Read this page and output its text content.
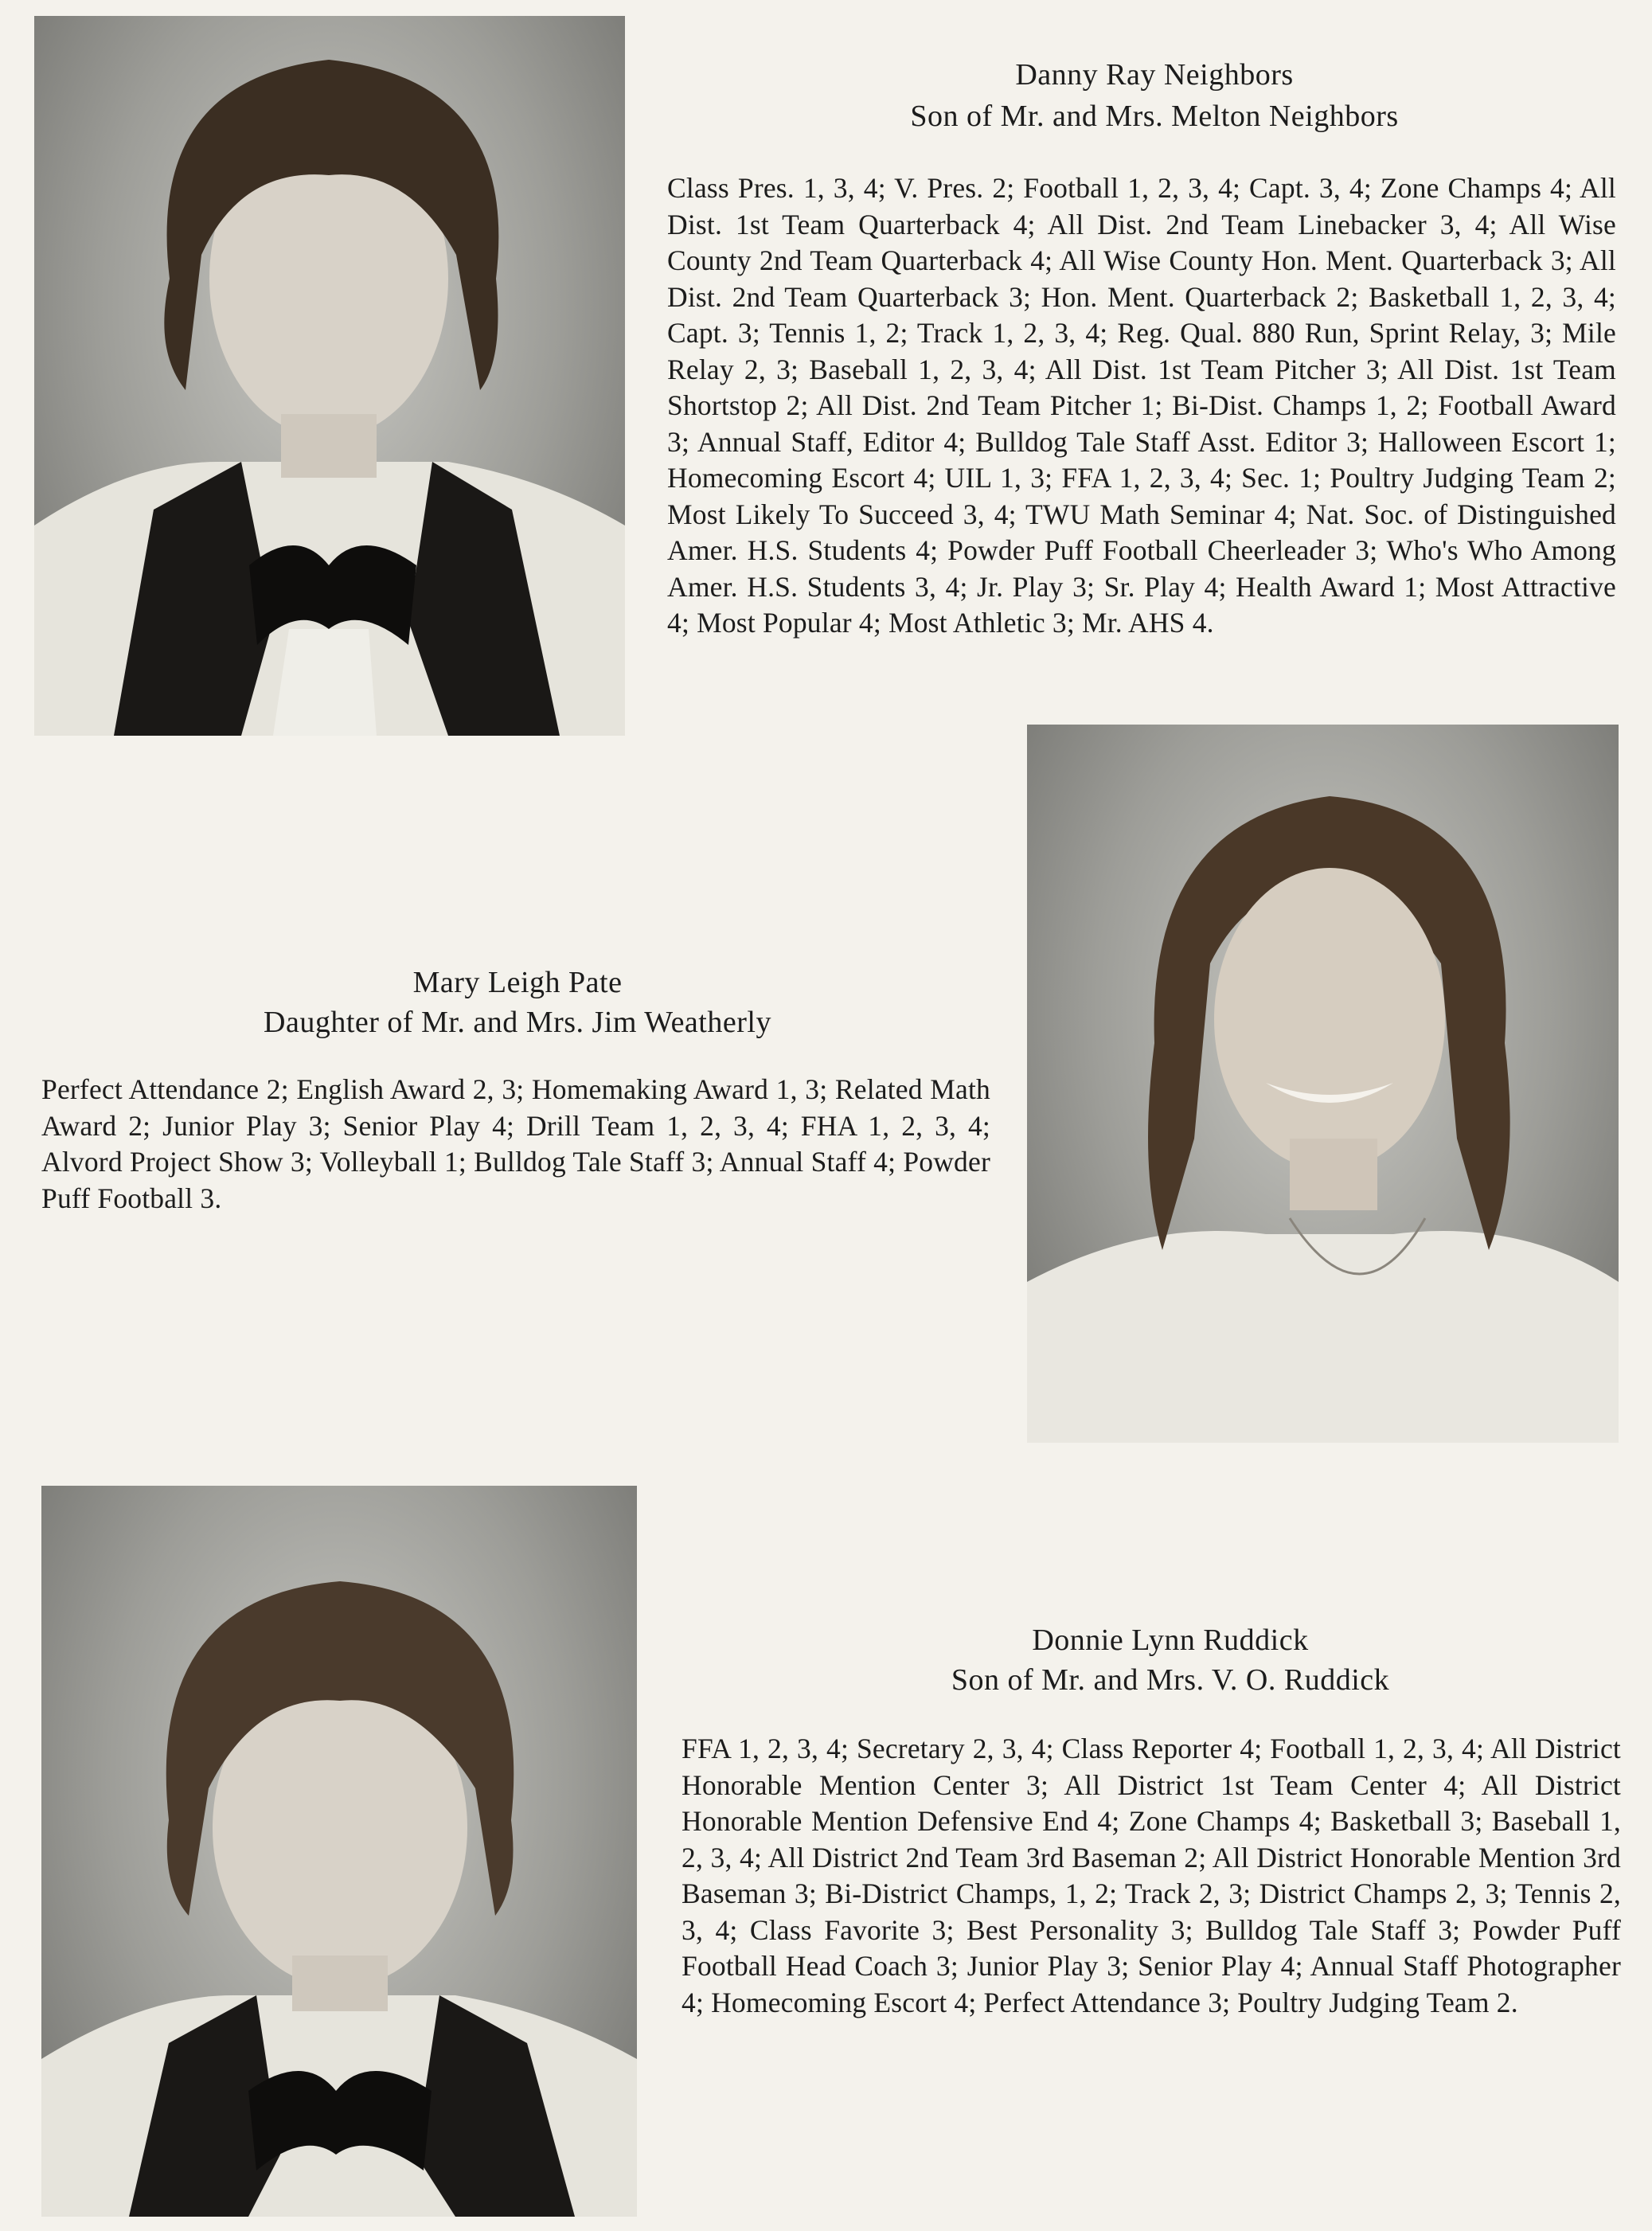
Danny Ray Neighbors
Son of Mr. and Mrs. Melton Neighbors
Class Pres. 1, 3, 4; V. Pres. 2; Football 1, 2, 3, 4; Capt. 3, 4; Zone Champs 4; All Dist. 1st Team Quarterback 4; All Dist. 2nd Team Linebacker 3, 4; All Wise County 2nd Team Quarterback 4; All Wise County Hon. Ment. Quarterback 3; All Dist. 2nd Team Quarterback 3; Hon. Ment. Quarterback 2; Basketball 1, 2, 3, 4; Capt. 3; Tennis 1, 2; Track 1, 2, 3, 4; Reg. Qual. 880 Run, Sprint Relay, 3; Mile Relay 2, 3; Baseball 1, 2, 3, 4; All Dist. 1st Team Pitcher 3; All Dist. 1st Team Shortstop 2; All Dist. 2nd Team Pitcher 1; Bi-Dist. Champs 1, 2; Football Award 3; Annual Staff, Editor 4; Bulldog Tale Staff Asst. Editor 3; Halloween Escort 1; Homecoming Escort 4; UIL 1, 3; FFA 1, 2, 3, 4; Sec. 1; Poultry Judging Team 2; Most Likely To Succeed 3, 4; TWU Math Seminar 4; Nat. Soc. of Distinguished Amer. H.S. Students 4; Powder Puff Football Cheerleader 3; Who's Who Among Amer. H.S. Students 3, 4; Jr. Play 3; Sr. Play 4; Health Award 1; Most Attractive 4; Most Popular 4; Most Athletic 3; Mr. AHS 4.
Mary Leigh Pate
Daughter of Mr. and Mrs. Jim Weatherly
Perfect Attendance 2; English Award 2, 3; Homemaking Award 1, 3; Related Math Award 2; Junior Play 3; Senior Play 4; Drill Team 1, 2, 3, 4; FHA 1, 2, 3, 4; Alvord Project Show 3; Volleyball 1; Bulldog Tale Staff 3; Annual Staff 4; Powder Puff Football 3.
Donnie Lynn Ruddick
Son of Mr. and Mrs. V. O. Ruddick
FFA 1, 2, 3, 4; Secretary 2, 3, 4; Class Reporter 4; Football 1, 2, 3, 4; All District Honorable Mention Center 3; All District 1st Team Center 4; All District Honorable Mention Defensive End 4; Zone Champs 4; Basketball 3; Baseball 1, 2, 3, 4; All District 2nd Team 3rd Baseman 2; All District Honorable Mention 3rd Baseman 3; Bi-District Champs, 1, 2; Track 2, 3; District Champs 2, 3; Tennis 2, 3, 4; Class Favorite 3; Best Personality 3; Bulldog Tale Staff 3; Powder Puff Football Head Coach 3; Junior Play 3; Senior Play 4; Annual Staff Photographer 4; Homecoming Escort 4; Perfect Attendance 3; Poultry Judging Team 2.
